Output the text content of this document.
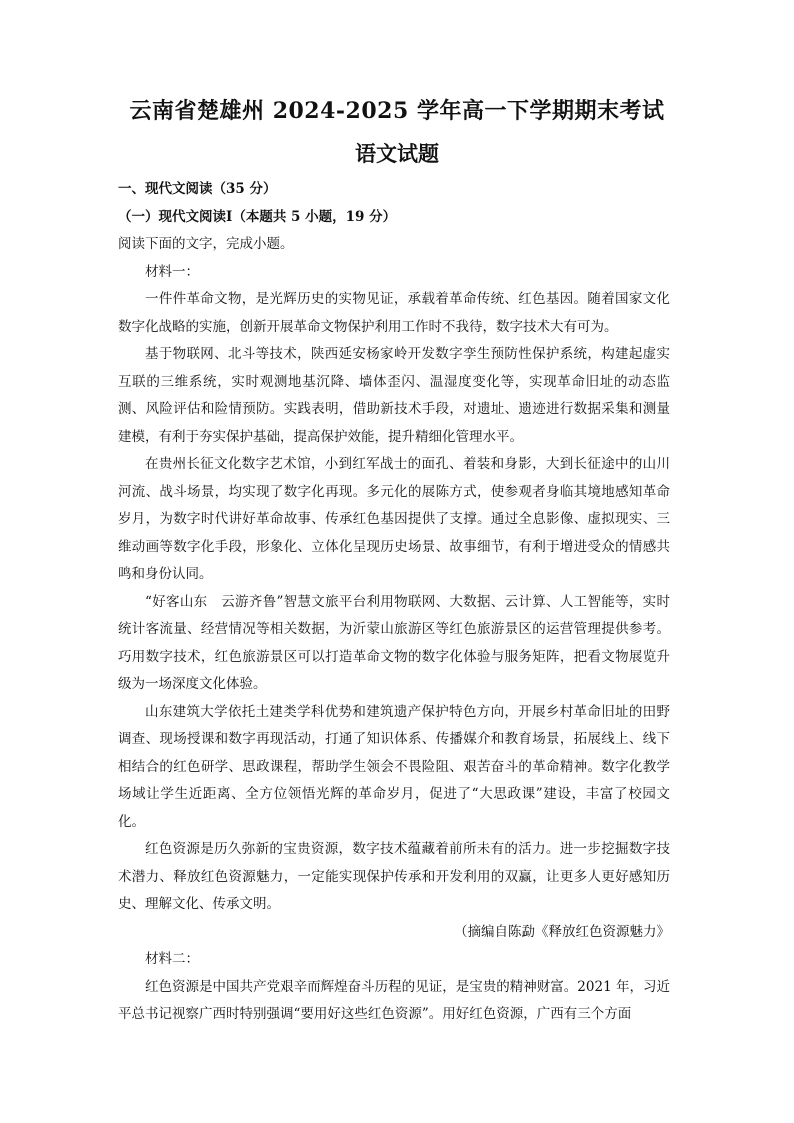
云南省楚雄州 2024-2025 学年高一下学期期末考试
语文试题

一、现代文阅读（35 分）

（一）现代文阅读Ⅰ（本题共 5 小题，19 分）

阅读下面的文字，完成小题。

材料一：

一件件革命文物，是光辉历史的实物见证，承载着革命传统、红色基因。随着国家文化数字化战略的实施，创新开展革命文物保护利用工作时不我待，数字技术大有可为。

基于物联网、北斗等技术，陕西延安杨家岭开发数字孪生预防性保护系统，构建起虚实互联的三维系统，实时观测地基沉降、墙体歪闪、温湿度变化等，实现革命旧址的动态监测、风险评估和险情预防。实践表明，借助新技术手段，对遗址、遗迹进行数据采集和测量建模，有利于夯实保护基础，提高保护效能，提升精细化管理水平。

在贵州长征文化数字艺术馆，小到红军战士的面孔、着装和身影，大到长征途中的山川河流、战斗场景，均实现了数字化再现。多元化的展陈方式，使参观者身临其境地感知革命岁月，为数字时代讲好革命故事、传承红色基因提供了支撑。通过全息影像、虚拟现实、三维动画等数字化手段，形象化、立体化呈现历史场景、故事细节，有利于增进受众的情感共鸣和身份认同。

“好客山东　云游齐鲁”智慧文旅平台利用物联网、大数据、云计算、人工智能等，实时统计客流量、经营情况等相关数据，为沂蒙山旅游区等红色旅游景区的运营管理提供参考。巧用数字技术，红色旅游景区可以打造革命文物的数字化体验与服务矩阵，把看文物展览升级为一场深度文化体验。

山东建筑大学依托土建类学科优势和建筑遗产保护特色方向，开展乡村革命旧址的田野调查、现场授课和数字再现活动，打通了知识体系、传播媒介和教育场景，拓展线上、线下相结合的红色研学、思政课程，帮助学生领会不畏险阻、艰苦奋斗的革命精神。数字化教学场域让学生近距离、全方位领悟光辉的革命岁月，促进了“大思政课”建设，丰富了校园文化。

红色资源是历久弥新的宝贵资源，数字技术蕴藏着前所未有的活力。进一步挖掘数字技术潜力、释放红色资源魅力，一定能实现保护传承和开发利用的双赢，让更多人更好感知历史、理解文化、传承文明。

（摘编自陈勐《释放红色资源魅力》

材料二：

红色资源是中国共产党艰辛而辉煌奋斗历程的见证，是宝贵的精神财富。2021 年，习近平总书记视察广西时特别强调“要用好这些红色资源”。用好红色资源，广西有三个方面
